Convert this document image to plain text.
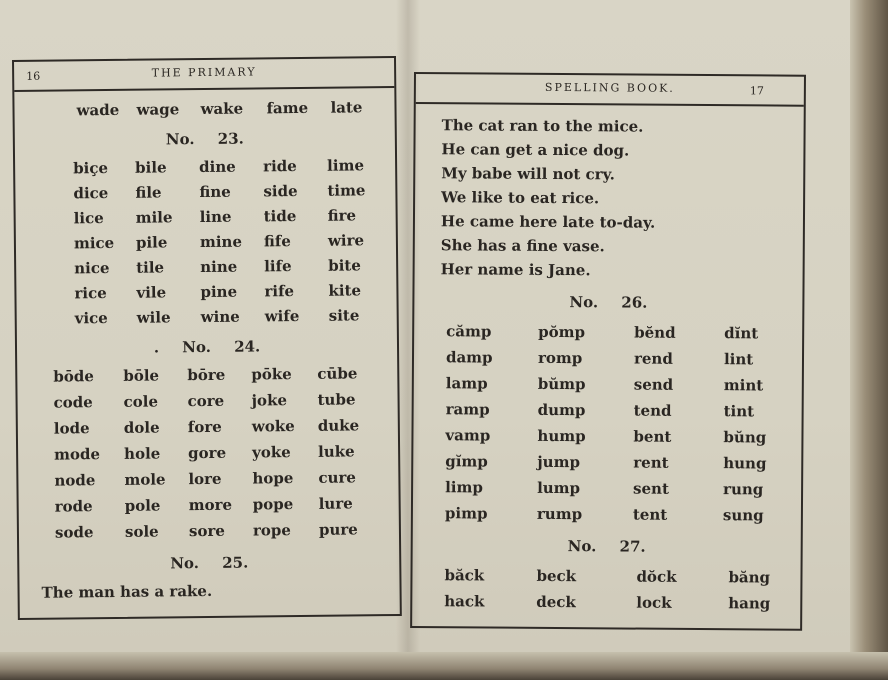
16	THE PRIMARY
wade wage wake fame late
No. 23.
biçe bile dine ride lime
dice file	fine side time
lice mile line tide fire
mice pile mine fife wire
nice tile nine life bite
rice vile pine rife kite
vice wile wine wife site
. No. 24.
bōde bōle bōre pōke cūbe
code cole core joke tube
lode dole fore woke duke
mode hole gore yoke luke
node mole lore hope cure
rode pole more pope lure
sode sole sore rope pure
No. 25.
The man has a rake.
SPELLING BOOK.	17
The cat ran to the mice.
He can get a nice dog.
My babe will not cry.
We like to eat rice.
He came here late to-day.
She has a fine vase.
Her name is Jane.
No. 26.
cămp	pŏmp	bĕnd	dĭnt
damp	romp	rend	lint
lamp	bŭmp	send	mint
ramp	dump	tend	tint
vamp	hump	bent	bŭng
gĭmp	jump	rent	hung
limp	lump	sent	rung
pimp	rump	tent	sung
No. 27.
băck	beck	dŏck	băng
hack	deck	lock	hang
